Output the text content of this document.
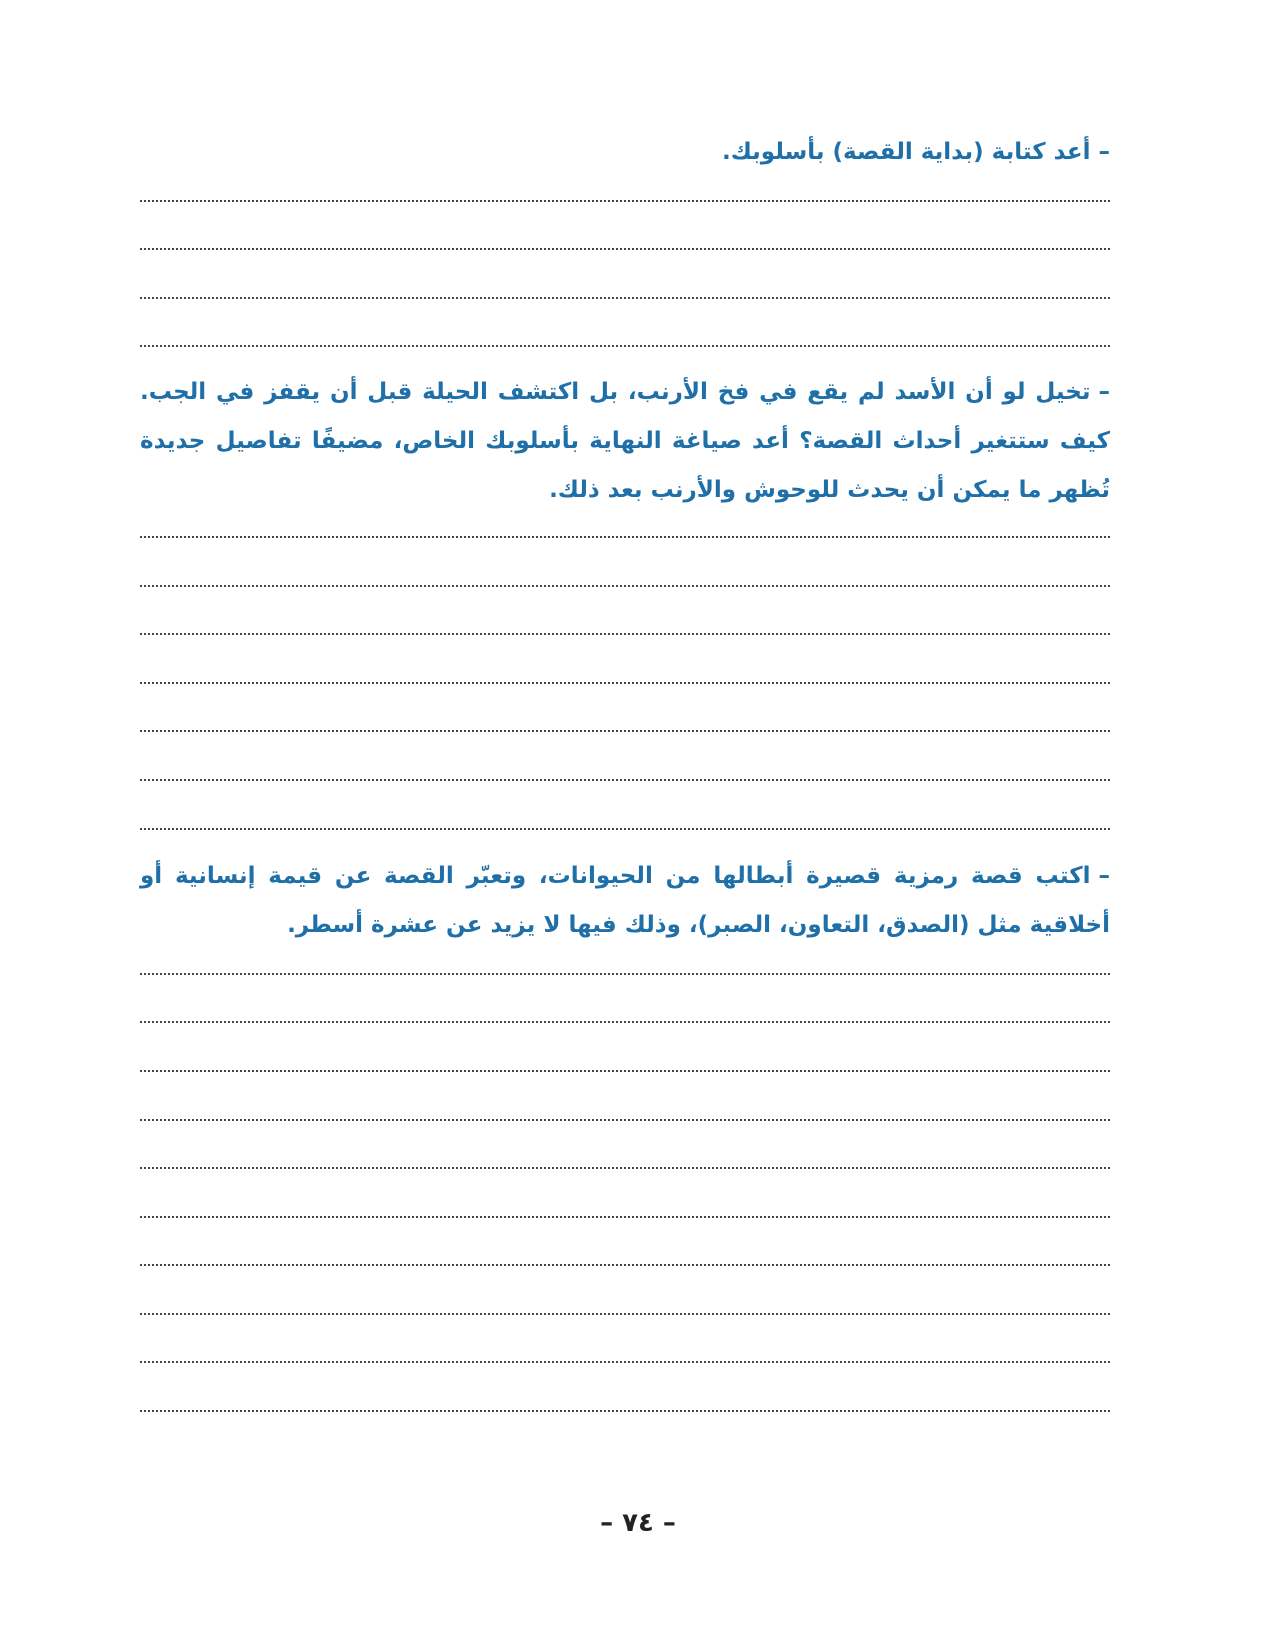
–أعد كتابة (بداية القصة) بأسلوبك.

–تخيل لو أن الأسد لم يقع في فخ الأرنب، بل اكتشف الحيلة قبل أن يقفز في الجب. كيف ستتغير أحداث القصة؟ أعد صياغة النهاية بأسلوبك الخاص، مضيفًا تفاصيل جديدة تُظهر ما يمكن أن يحدث للوحوش والأرنب بعد ذلك.

–اكتب قصة رمزية قصيرة أبطالها من الحيوانات، وتعبّر القصة عن قيمة إنسانية أو أخلاقية مثل (الصدق، التعاون، الصبر)، وذلك فيها لا يزيد عن عشرة أسطر.

– ٧٤ –
